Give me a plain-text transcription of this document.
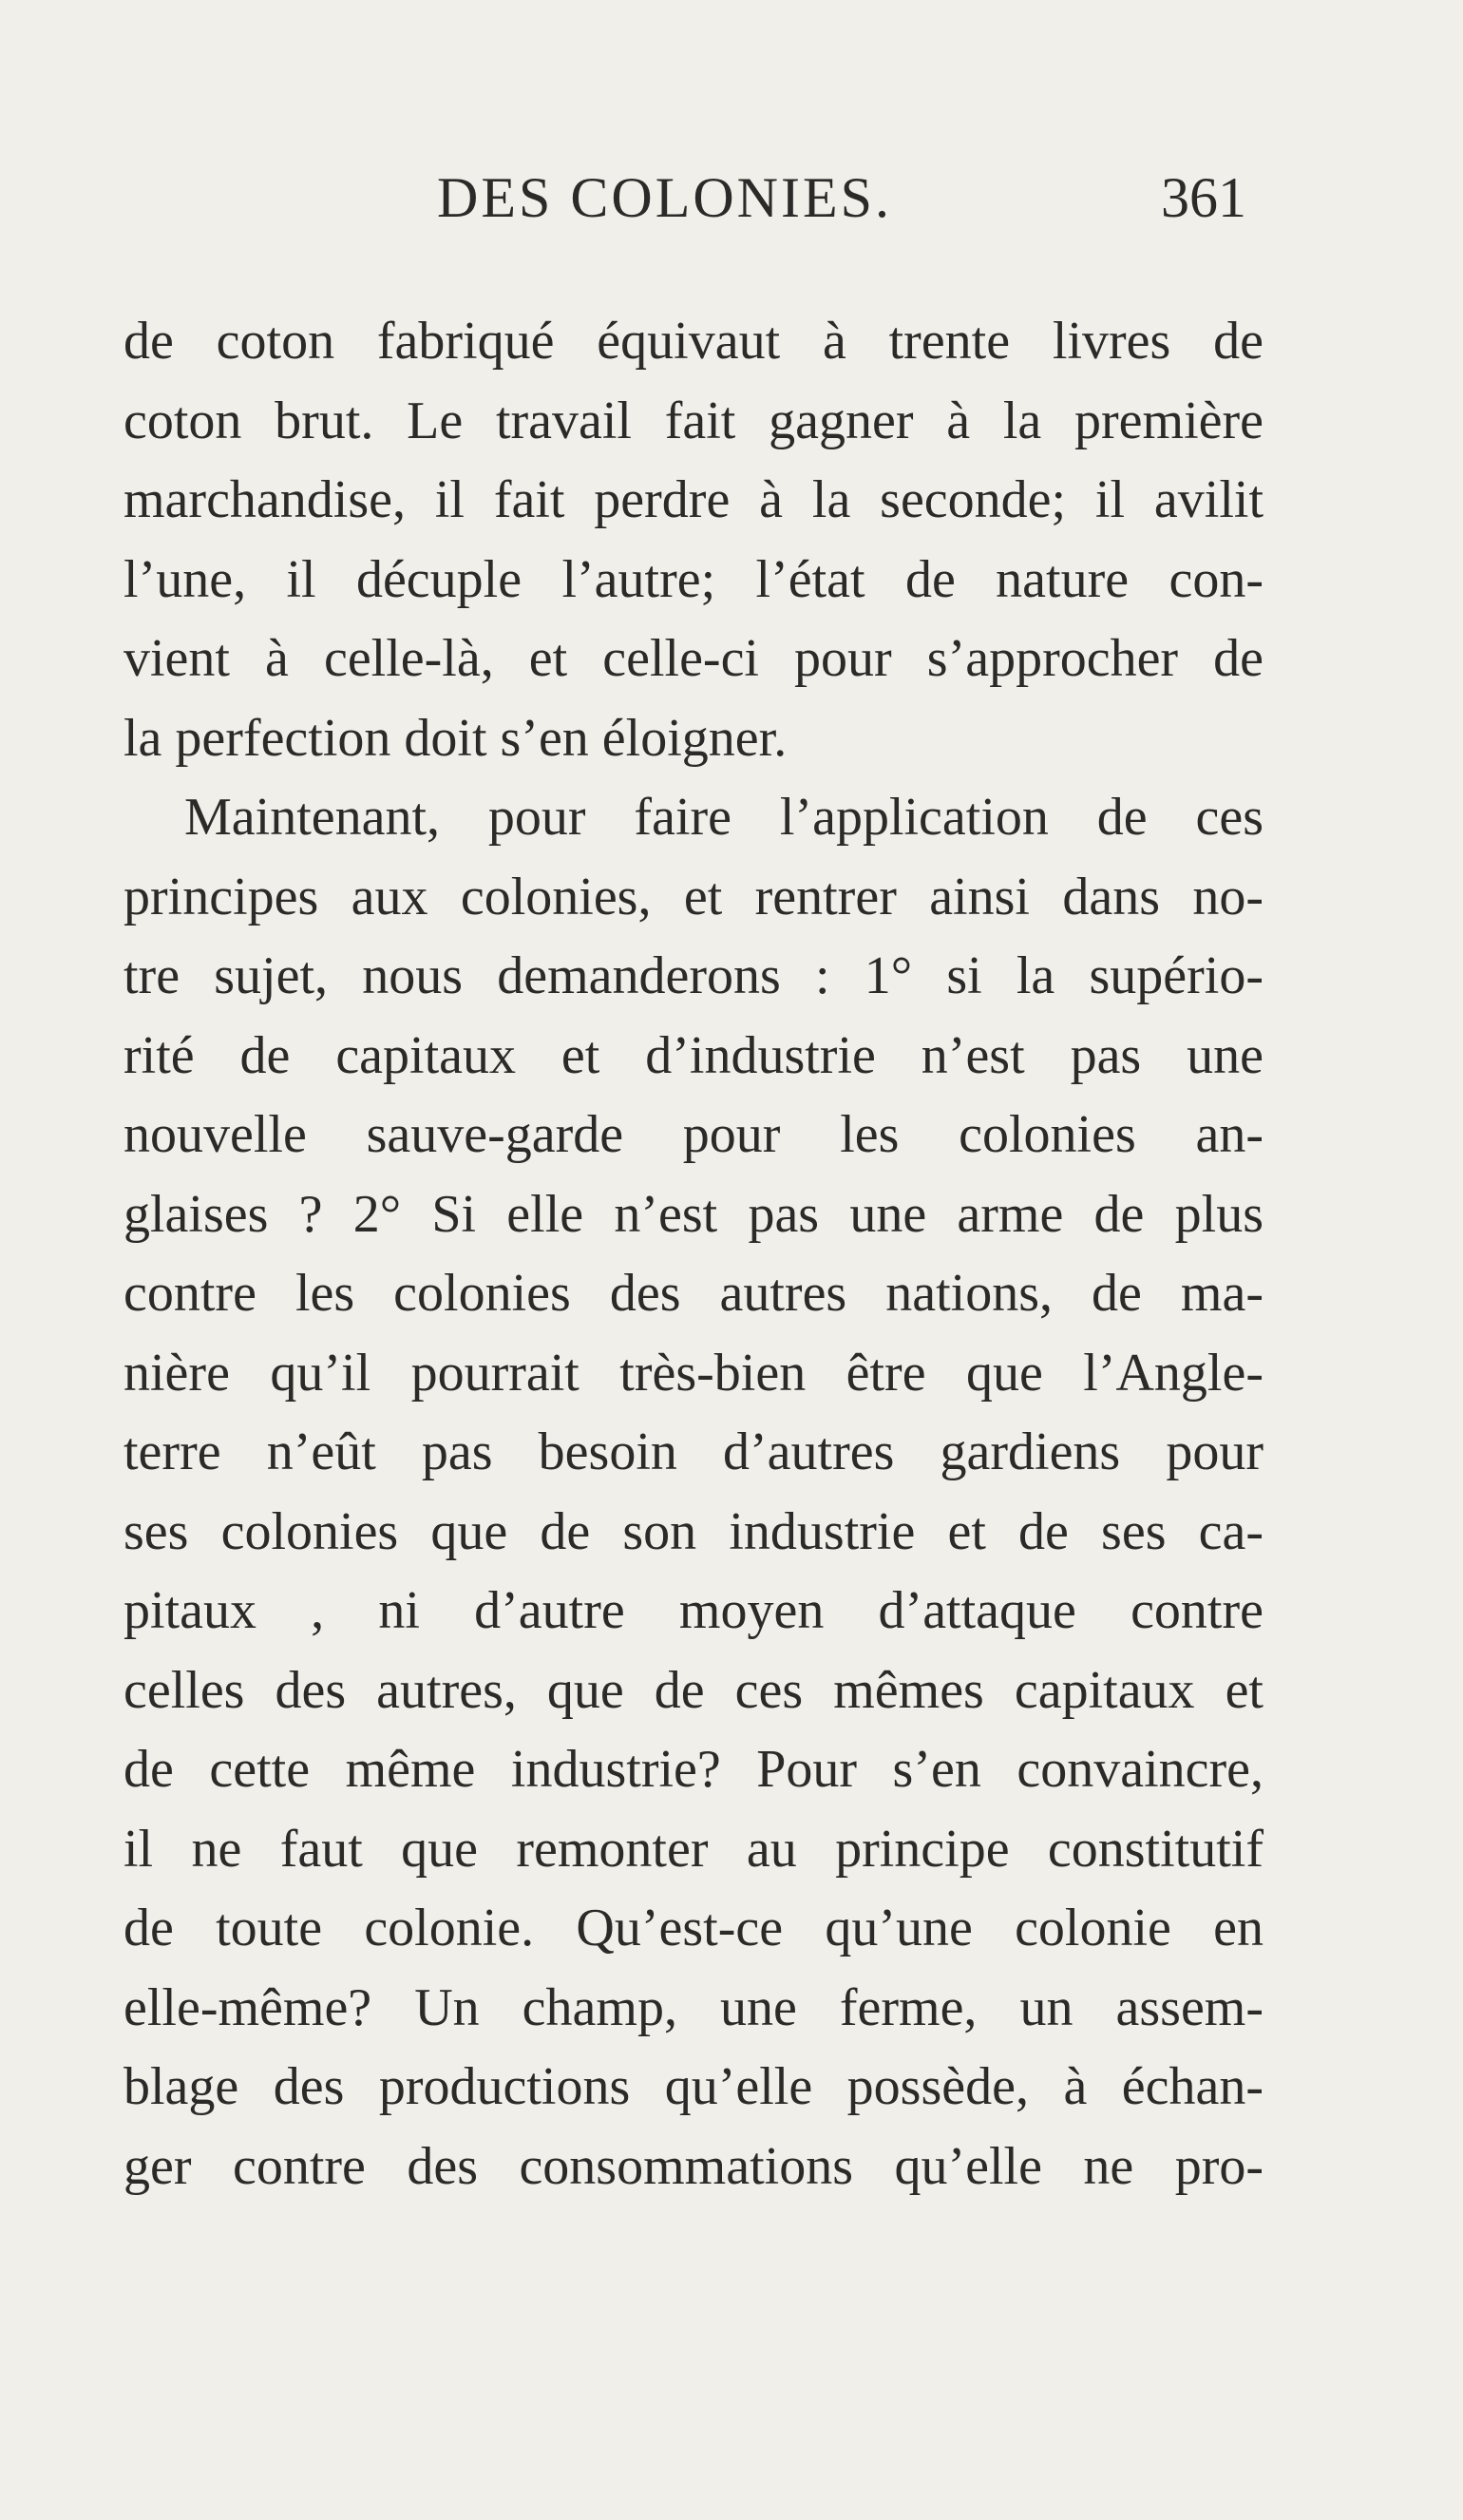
DES COLONIES.	361
de coton fabriqué équivaut à trente livres de
coton brut. Le travail fait gagner à la première
marchandise, il fait perdre à la seconde; il avilit
l’une, il décuple l’autre; l’état de nature con-
vient à celle-là, et celle-ci pour s’approcher de
la perfection doit s’en éloigner.
Maintenant, pour faire l’application de ces
principes aux colonies, et rentrer ainsi dans no-
tre sujet, nous demanderons : 1° si la supério-
rité de capitaux et d’industrie n’est pas une
nouvelle sauve-garde pour les colonies an-
glaises ? 2° Si elle n’est pas une arme de plus
contre les colonies des autres nations, de ma-
nière qu’il pourrait très-bien être que l’Angle-
terre n’eût pas besoin d’autres gardiens pour
ses colonies que de son industrie et de ses ca-
pitaux , ni d’autre moyen d’attaque contre
celles des autres, que de ces mêmes capitaux et
de cette même industrie? Pour s’en convaincre,
il ne faut que remonter au principe constitutif
de toute colonie. Qu’est-ce qu’une colonie en
elle-même? Un champ, une ferme, un assem-
blage des productions qu’elle possède, à échan-
ger contre des consommations qu’elle ne pro-
